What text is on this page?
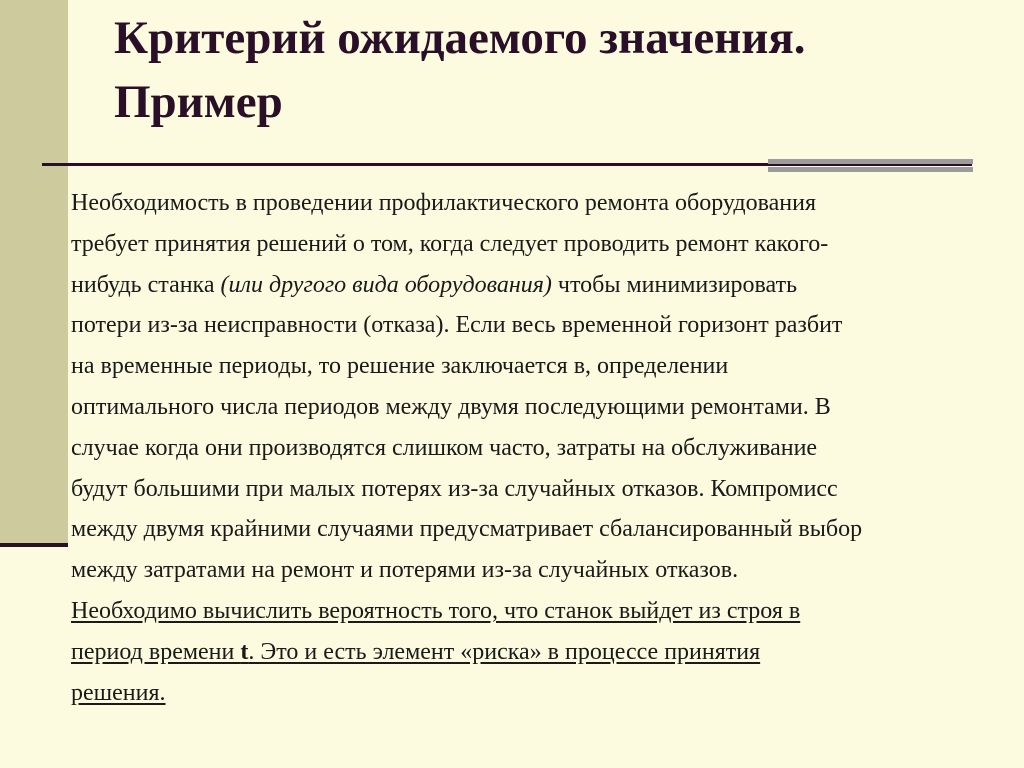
Критерий ожидаемого значения.
Пример

Необходимость в проведении профилактического ремонта оборудования
требует принятия решений о том, когда следует проводить ремонт какого-
нибудь станка (или другого вида оборудования) чтобы минимизировать
потери из-за неисправности (отказа). Если весь временной горизонт разбит
на временные периоды, то решение заключается в, определении
оптимального числа периодов между двумя последующими ремонтами. В
случае когда они производятся слишком часто, затраты на обслуживание
будут большими при малых потерях из-за случайных отказов. Компромисс
между двумя крайними случаями предусматривает сбалансированный выбор
между затратами на ремонт и потерями из-за случайных отказов.
Необходимо вычислить вероятность того, что станок выйдет из строя в
период времени t. Это и есть элемент «риска» в процессе принятия
решения.
